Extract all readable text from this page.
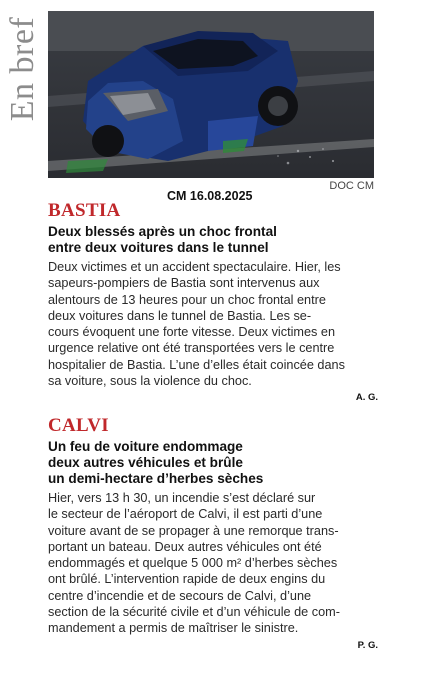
En bref
DOC CM
CM 16.08.2025
BASTIA
Deux blessés après un choc frontal
entre deux voitures dans le tunnel
Deux victimes et un accident spectaculaire. Hier, les
sapeurs-pompiers de Bastia sont intervenus aux
alentours de 13 heures pour un choc frontal entre
deux voitures dans le tunnel de Bastia. Les se-
cours évoquent une forte vitesse. Deux victimes en
urgence relative ont été transportées vers le centre
hospitalier de Bastia. L’une d’elles était coincée dans
sa voiture, sous la violence du choc.
A. G.
CALVI
Un feu de voiture endommage
deux autres véhicules et brûle
un demi-hectare d’herbes sèches
Hier, vers 13 h 30, un incendie s’est déclaré sur
le secteur de l’aéroport de Calvi, il est parti d’une
voiture avant de se propager à une remorque trans-
portant un bateau. Deux autres véhicules ont été
endommagés et quelque 5 000 m² d’herbes sèches
ont brûlé. L’intervention rapide de deux engins du
centre d’incendie et de secours de Calvi, d’une
section de la sécurité civile et d’un véhicule de com-
mandement a permis de maîtriser le sinistre.
P. G.
